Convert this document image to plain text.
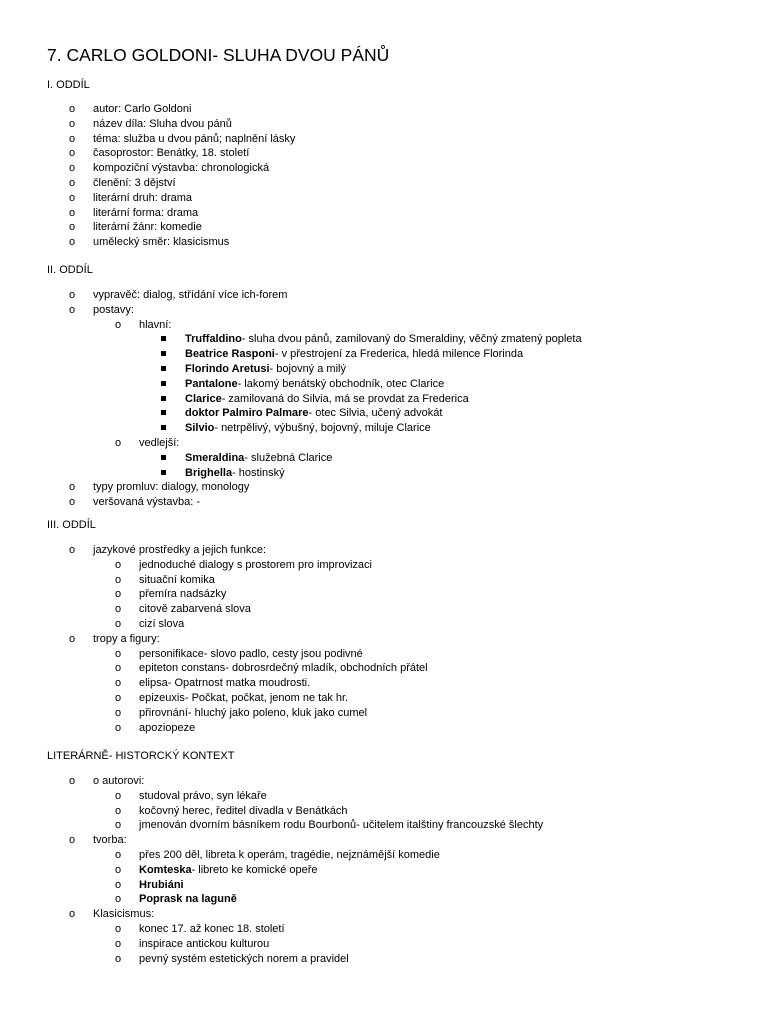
7. CARLO GOLDONI- SLUHA DVOU PÁNŮ

I. ODDÍL

o autor: Carlo Goldoni
o název díla: Sluha dvou pánů
o téma: služba u dvou pánů; naplnění lásky
o časoprostor: Benátky, 18. století
o kompoziční výstavba: chronologická
o členění: 3 dějství
o literární druh: drama
o literární forma: drama
o literární žánr: komedie
o umělecký směr: klasicismus

II. ODDÍL

o vypravěč: dialog, střídání více ich-forem
o postavy:
o hlavní:
Truffaldino- sluha dvou pánů, zamilovaný do Smeraldiny, věčný zmatený popleta
Beatrice Rasponi- v přestrojení za Frederica, hledá milence Florinda
Florindo Aretusi- bojovný a milý
Pantalone- lakomý benátský obchodník, otec Clarice
Clarice- zamilovaná do Silvia, má se provdat za Frederica
doktor Palmiro Palmare- otec Silvia, učený advokát
Silvio- netrpělivý, výbušný, bojovný, miluje Clarice
o vedlejší:
Smeraldina- služebná Clarice
Brighella- hostinský
o typy promluv: dialogy, monology
o veršovaná výstavba: -

III. ODDÍL

o jazykové prostředky a jejich funkce:
o jednoduché dialogy s prostorem pro improvizaci
o situační komika
o přemíra nadsázky
o citově zabarvená slova
o cizí slova
o tropy a figury:
o personifikace- slovo padlo, cesty jsou podivné
o epiteton constans- dobrosrdečný mladík, obchodních přátel
o elipsa- Opatrnost matka moudrosti.
o epizeuxis- Počkat, počkat, jenom ne tak hr.
o přirovnání- hluchý jako poleno, kluk jako cumel
o apoziopeze

LITERÁRNĚ- HISTORCKÝ KONTEXT

o o autorovi:
o studoval právo, syn lékaře
o kočovný herec, ředitel divadla v Benátkách
o jmenován dvorním básníkem rodu Bourbonů- učitelem italštiny francouzské šlechty
o tvorba:
o přes 200 děl, libreta k operám, tragédie, nejznámější komedie
o Komteska- libreto ke komické opeře
o Hrubiáni
o Poprask na laguně
o Klasicismus:
o konec 17. až konec 18. století
o inspirace antickou kulturou
o pevný systém estetických norem a pravidel
